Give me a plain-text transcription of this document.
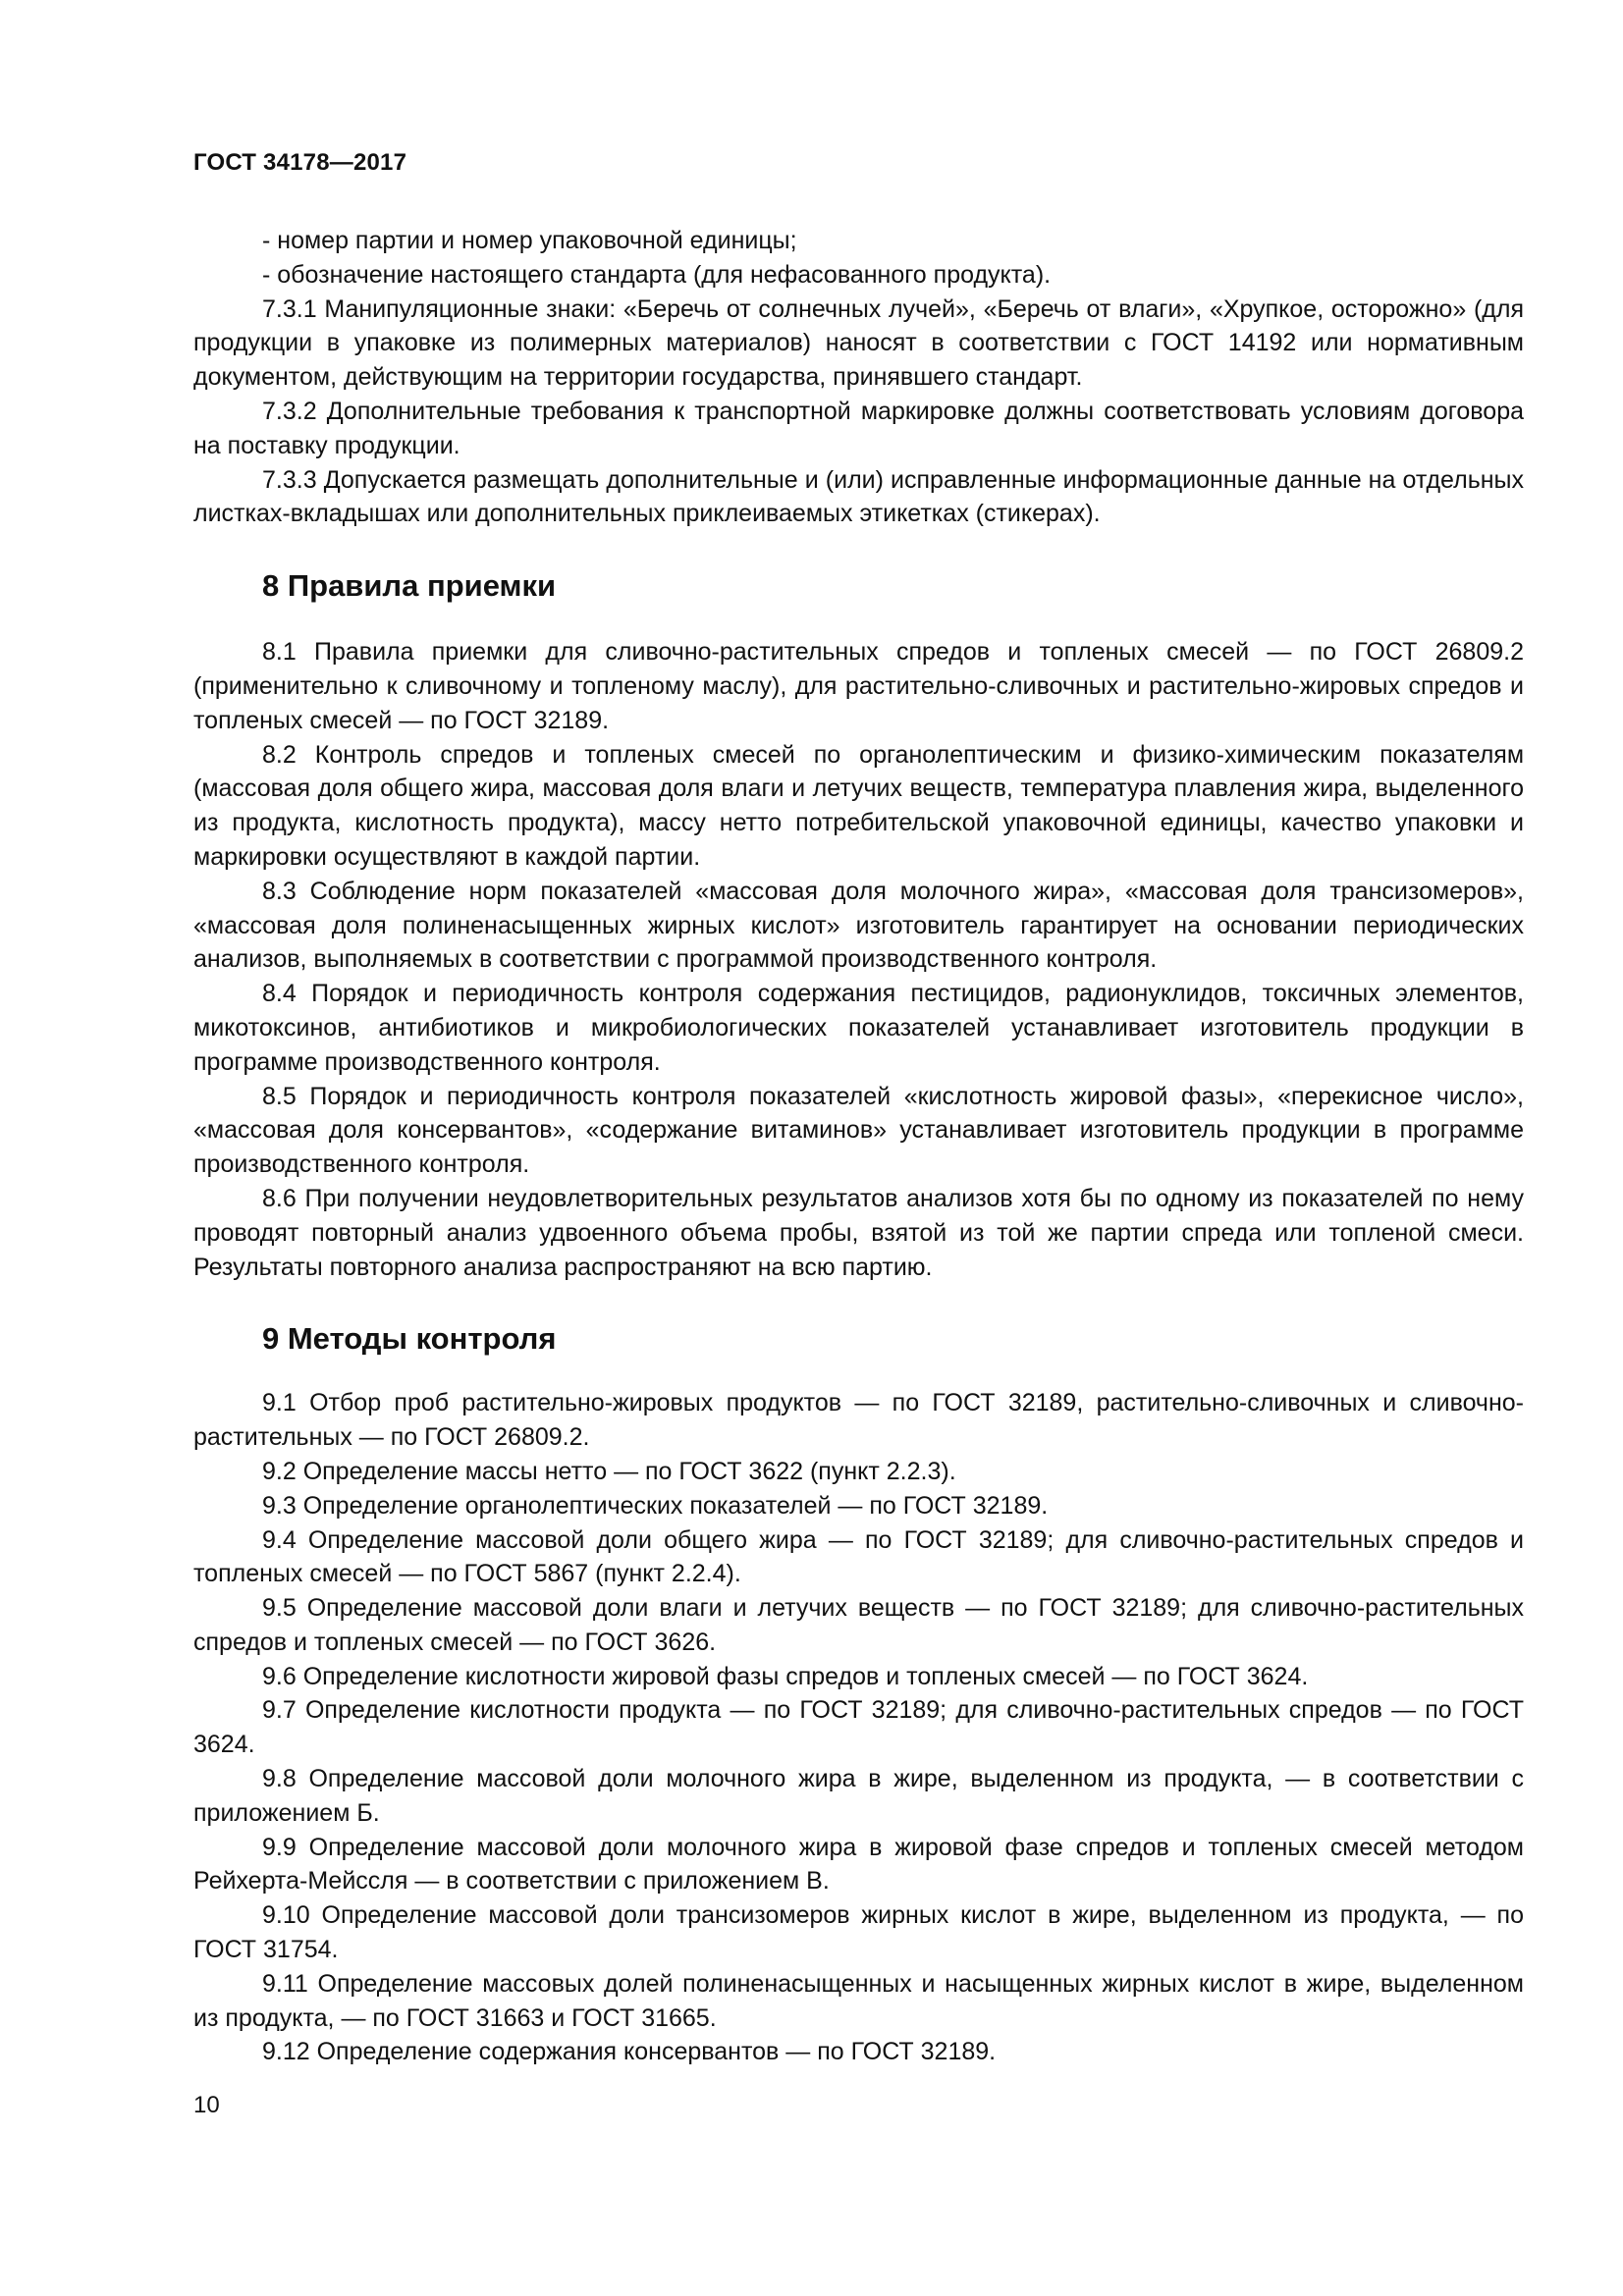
ГОСТ 34178—2017

- номер партии и номер упаковочной единицы;

- обозначение настоящего стандарта (для нефасованного продукта).

7.3.1 Манипуляционные знаки: «Беречь от солнечных лучей», «Беречь от влаги», «Хрупкое, осторожно» (для продукции в упаковке из полимерных материалов) наносят в соответствии с ГОСТ 14192 или нормативным документом, действующим на территории государства, принявшего стандарт.

7.3.2 Дополнительные требования к транспортной маркировке должны соответствовать условиям договора на поставку продукции.

7.3.3 Допускается размещать дополнительные и (или) исправленные информационные данные на отдельных листках-вкладышах или дополнительных приклеиваемых этикетках (стикерах).

8 Правила приемки

8.1 Правила приемки для сливочно-растительных спредов и топленых смесей — по ГОСТ 26809.2 (применительно к сливочному и топленому маслу), для растительно-сливочных и растительно-жировых спредов и топленых смесей — по ГОСТ 32189.

8.2 Контроль спредов и топленых смесей по органолептическим и физико-химическим показателям (массовая доля общего жира, массовая доля влаги и летучих веществ, температура плавления жира, выделенного из продукта, кислотность продукта), массу нетто потребительской упаковочной единицы, качество упаковки и маркировки осуществляют в каждой партии.

8.3 Соблюдение норм показателей «массовая доля молочного жира», «массовая доля трансизомеров», «массовая доля полиненасыщенных жирных кислот» изготовитель гарантирует на основании периодических анализов, выполняемых в соответствии с программой производственного контроля.

8.4 Порядок и периодичность контроля содержания пестицидов, радионуклидов, токсичных элементов, микотоксинов, антибиотиков и микробиологических показателей устанавливает изготовитель продукции в программе производственного контроля.

8.5 Порядок и периодичность контроля показателей «кислотность жировой фазы», «перекисное число», «массовая доля консервантов», «содержание витаминов» устанавливает изготовитель продукции в программе производственного контроля.

8.6 При получении неудовлетворительных результатов анализов хотя бы по одному из показателей по нему проводят повторный анализ удвоенного объема пробы, взятой из той же партии спреда или топленой смеси. Результаты повторного анализа распространяют на всю партию.

9 Методы контроля

9.1 Отбор проб растительно-жировых продуктов — по ГОСТ 32189, растительно-сливочных и сливочно-растительных — по ГОСТ 26809.2.

9.2 Определение массы нетто — по ГОСТ 3622 (пункт 2.2.3).

9.3 Определение органолептических показателей — по ГОСТ 32189.

9.4 Определение массовой доли общего жира — по ГОСТ 32189; для сливочно-растительных спредов и топленых смесей — по ГОСТ 5867 (пункт 2.2.4).

9.5 Определение массовой доли влаги и летучих веществ — по ГОСТ 32189; для сливочно-растительных спредов и топленых смесей — по ГОСТ 3626.

9.6 Определение кислотности жировой фазы спредов и топленых смесей — по ГОСТ 3624.

9.7 Определение кислотности продукта — по ГОСТ 32189; для сливочно-растительных спредов — по ГОСТ 3624.

9.8 Определение массовой доли молочного жира в жире, выделенном из продукта, — в соответствии с приложением Б.

9.9 Определение массовой доли молочного жира в жировой фазе спредов и топленых смесей методом Рейхерта-Мейссля — в соответствии с приложением В.

9.10 Определение массовой доли трансизомеров жирных кислот в жире, выделенном из продукта, — по ГОСТ 31754.

9.11 Определение массовых долей полиненасыщенных и насыщенных жирных кислот в жире, выделенном из продукта, — по ГОСТ 31663 и ГОСТ 31665.

9.12 Определение содержания консервантов — по ГОСТ 32189.

10
